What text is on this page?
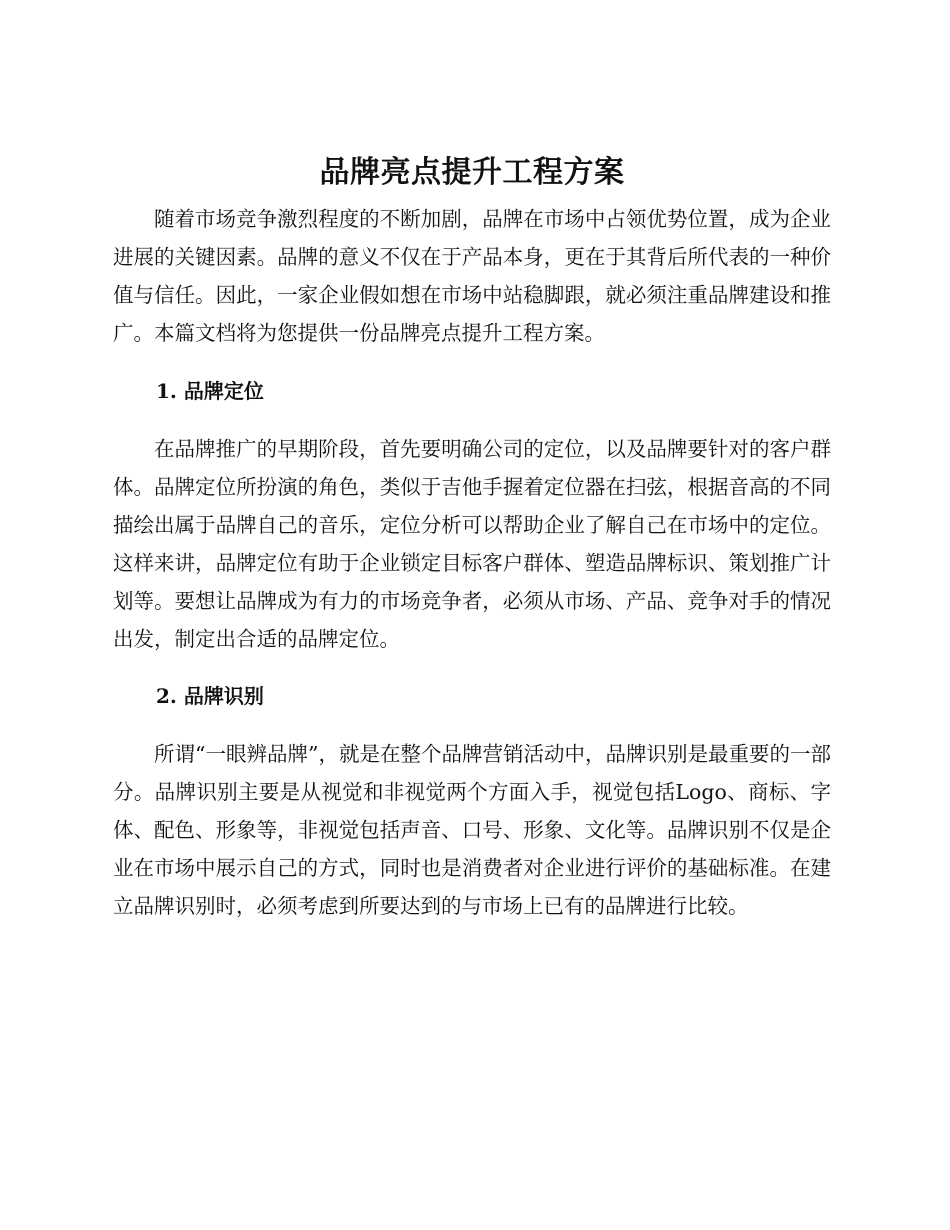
品牌亮点提升工程方案

随着市场竞争激烈程度的不断加剧，品牌在市场中占领优势位置，成为企业进展的关键因素。品牌的意义不仅在于产品本身，更在于其背后所代表的一种价值与信任。因此，一家企业假如想在市场中站稳脚跟，就必须注重品牌建设和推广。本篇文档将为您提供一份品牌亮点提升工程方案。

1. 品牌定位

在品牌推广的早期阶段，首先要明确公司的定位，以及品牌要针对的客户群体。品牌定位所扮演的角色，类似于吉他手握着定位器在扫弦，根据音高的不同描绘出属于品牌自己的音乐，定位分析可以帮助企业了解自己在市场中的定位。这样来讲，品牌定位有助于企业锁定目标客户群体、塑造品牌标识、策划推广计划等。要想让品牌成为有力的市场竞争者，必须从市场、产品、竞争对手的情况出发，制定出合适的品牌定位。

2. 品牌识别

所谓“一眼辨品牌”，就是在整个品牌营销活动中，品牌识别是最重要的一部分。品牌识别主要是从视觉和非视觉两个方面入手，视觉包括Logo、商标、字体、配色、形象等，非视觉包括声音、口号、形象、文化等。品牌识别不仅是企业在市场中展示自己的方式，同时也是消费者对企业进行评价的基础标准。在建立品牌识别时，必须考虑到所要达到的与市场上已有的品牌进行比较。
